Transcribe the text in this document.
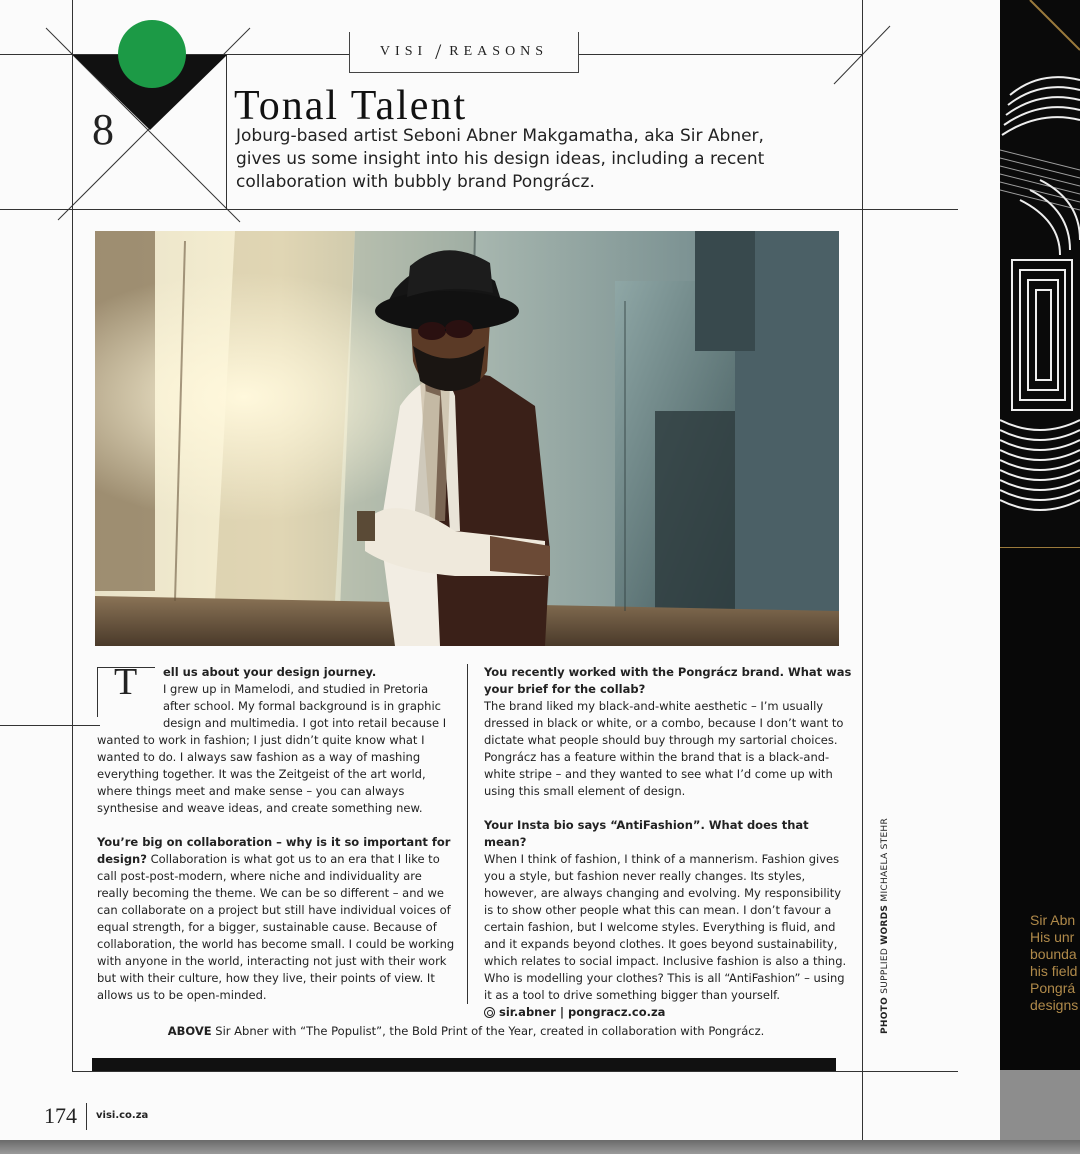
VISI / REASONS
8	Tonal Talent
Joburg-based artist Seboni Abner Makgamatha, aka Sir Abner, gives us some insight into his design ideas, including a recent collaboration with bubbly brand Pongrácz.
T	ell us about your design journey.

I grew up in Mamelodi, and studied in Pretoria after school. My formal background is in graphic design and multimedia. I got into retail because I wanted to work in fashion; I just didn’t quite know what I wanted to do. I always saw fashion as a way of mashing everything together. It was the Zeitgeist of the art world, where things meet and make sense – you can always synthesise and weave ideas, and create something new.

You’re big on collaboration – why is it so important for design? Collaboration is what got us to an era that I like to call post-post-modern, where niche and individuality are really becoming the theme. We can be so different – and we can collaborate on a project but still have individual voices of equal strength, for a bigger, sustainable cause. Because of collaboration, the world has become small. I could be working with anyone in the world, interacting not just with their work but with their culture, how they live, their points of view. It allows us to be open-minded.

You recently worked with the Pongrácz brand. What was your brief for the collab?

The brand liked my black-and-white aesthetic – I’m usually dressed in black or white, or a combo, because I don’t want to dictate what people should buy through my sartorial choices. Pongrácz has a feature within the brand that is a black-and-white stripe – and they wanted to see what I’d come up with using this small element of design.

Your Insta bio says “AntiFashion”. What does that mean?

When I think of fashion, I think of a mannerism. Fashion gives you a style, but fashion never really changes. Its styles, however, are always changing and evolving. My responsibility is to show other people what this can mean. I don’t favour a certain fashion, but I welcome styles. Everything is fluid, and and it expands beyond clothes. It goes beyond sustainability, which relates to social impact. Inclusive fashion is also a thing. Who is modelling your clothes? This is all “AntiFashion” – using it as a tool to drive something bigger than yourself.

sir.abner | pongracz.co.za
ABOVE Sir Abner with “The Populist”, the Bold Print of the Year, created in collaboration with Pongrácz.	PHOTO SUPPLIED WORDS MICHAELA STEHR
174 visi.co.za
Sir Abn
His unr
bounda
his field
Pongrá
designs
